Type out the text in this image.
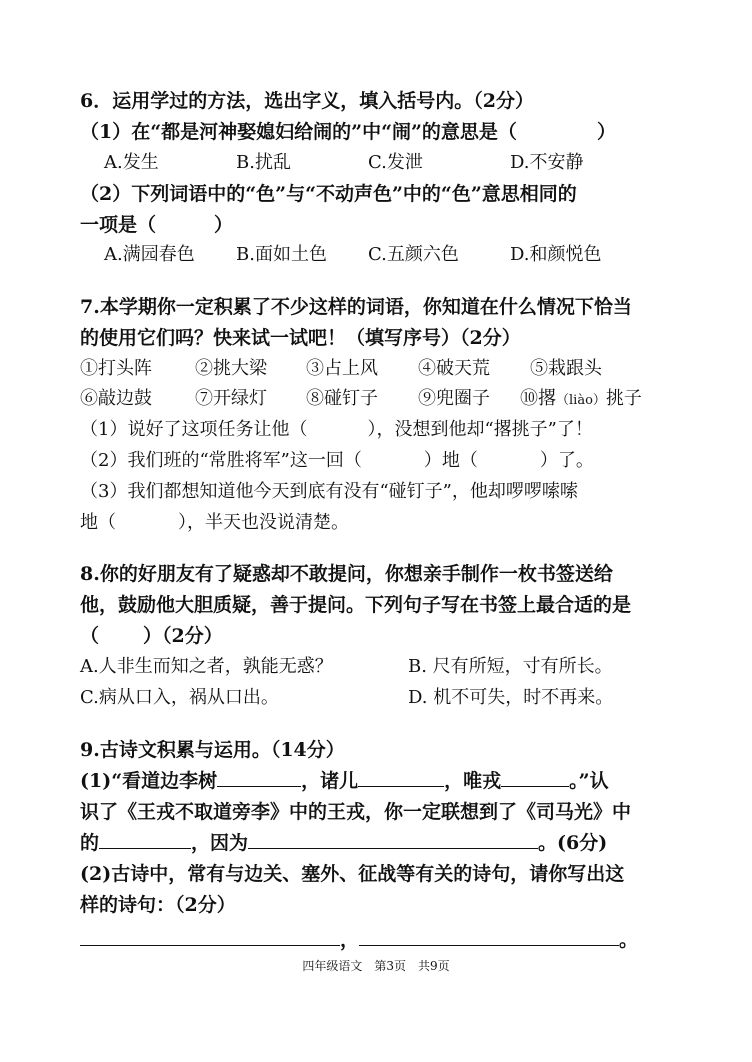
6．运用学过的方法，选出字义，填入括号内。（2分）
（1）在“都是河神娶媳妇给闹的”中“闹”的意思是（	）
A.发生	B.扰乱	C.发泄	D.不安静
（2）下列词语中的“色”与“不动声色”中的“色”意思相同的
一项是（	）
A.满园春色 B.面如土色 C.五颜六色	D.和颜悦色
7.本学期你一定积累了不少这样的词语，你知道在什么情况下恰当
的使用它们吗？快来试一试吧！（填写序号）（2分）
①打头阵 ②挑大梁 ③占上风 ④破天荒 ⑤栽跟头
⑥敲边鼓 ⑦开绿灯 ⑧碰钉子 ⑨兜圈子 ⑩撂（liào）挑子
（1）说好了这项任务让他（	），没想到他却“撂挑子”了！
（2）我们班的“常胜将军”这一回（	）地（	）了。
（3）我们都想知道他今天到底有没有“碰钉子”，他却啰啰嗦嗦
地（	），半天也没说清楚。
8.你的好朋友有了疑惑却不敢提问，你想亲手制作一枚书签送给
他，鼓励他大胆质疑，善于提问。下列句子写在书签上最合适的是
（ ）（2分）
A.人非生而知之者，孰能无惑？	B. 尺有所短，寸有所长。
C.病从口入，祸从口出。	D. 机不可失，时不再来。
9.古诗文积累与运用。（14分）
(1)“看道边李树	，诸儿	，唯戎	。”认
识了《王戎不取道旁李》中的王戎，你一定联想到了《司马光》中
的	，因为	。(6分)
(2)古诗中，常有与边关、塞外、征战等有关的诗句，请你写出这
样的诗句：（2分）
，	。
四年级语文　第3页　共9页
